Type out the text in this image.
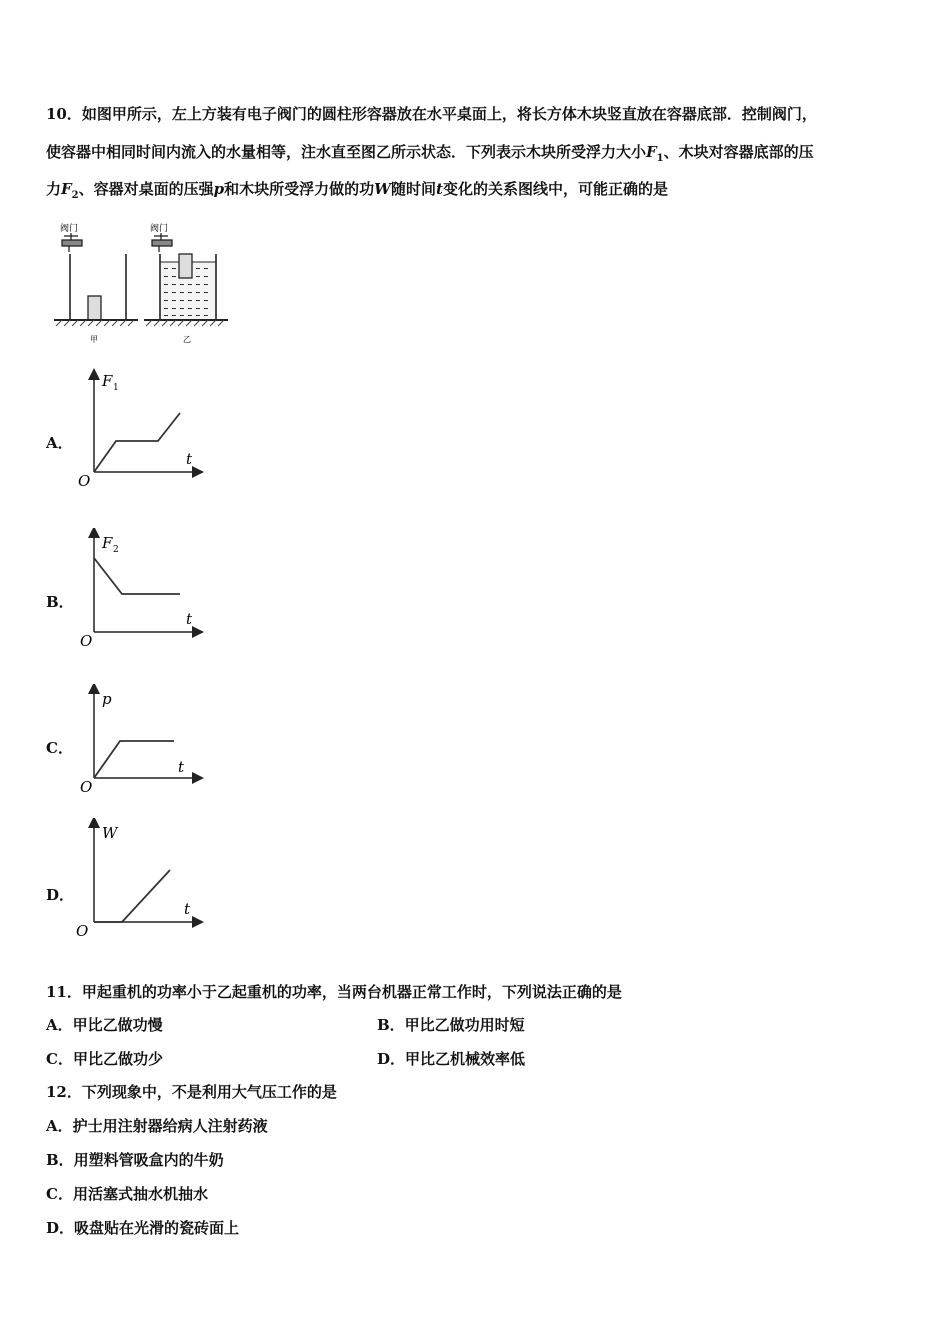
10．如图甲所示，左上方装有电子阀门的圆柱形容器放在水平桌面上，将长方体木块竖直放在容器底部．控制阀门，
使容器中相同时间内流入的水量相等，注水直至图乙所示状态．下列表示木块所受浮力大小$F_1$、木块对容器底部的压
力$F_2$、容器对桌面的压强p和木块所受浮力做的功W随时间t变化的关系图线中，可能正确的是
阀门
甲
阀门
乙
A．
F 1
t
O
B．
F 2
t
O
C．
p
t
O
D．
W
t
O
11．甲起重机的功率小于乙起重机的功率，当两台机器正常工作时，下列说法正确的是
A．甲比乙做功慢	B．甲比乙做功用时短
C．甲比乙做功少	D．甲比乙机械效率低
12．下列现象中，不是利用大气压工作的是
A．护士用注射器给病人注射药液
B．用塑料管吸盒内的牛奶
C．用活塞式抽水机抽水
D．吸盘贴在光滑的瓷砖面上
